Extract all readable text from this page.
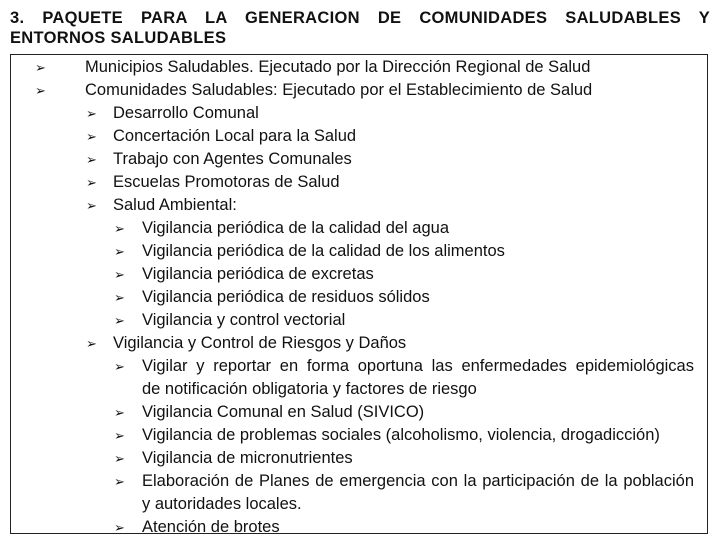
3. PAQUETE PARA LA GENERACION DE COMUNIDADES SALUDABLES Y
ENTORNOS SALUDABLES
➢ Municipios Saludables. Ejecutado por la Dirección Regional de Salud
➢ Comunidades Saludables: Ejecutado por el Establecimiento de Salud
➢ Desarrollo Comunal
➢ Concertación Local para la Salud
➢ Trabajo con Agentes Comunales
➢ Escuelas Promotoras de Salud
➢ Salud Ambiental:
➢ Vigilancia periódica de la calidad del agua
➢ Vigilancia periódica de la calidad de los alimentos
➢ Vigilancia periódica de excretas
➢ Vigilancia periódica de residuos sólidos
➢ Vigilancia y control vectorial
➢ Vigilancia y Control de Riesgos y Daños
➢ Vigilar y reportar en forma oportuna las enfermedades epidemiológicas
de notificación obligatoria y factores de riesgo
➢ Vigilancia Comunal en Salud (SIVICO)
➢ Vigilancia de problemas sociales (alcoholismo, violencia, drogadicción)
➢ Vigilancia de micronutrientes
➢ Elaboración de Planes de emergencia con la participación de la población
y autoridades locales.
➢ Atención de brotes
